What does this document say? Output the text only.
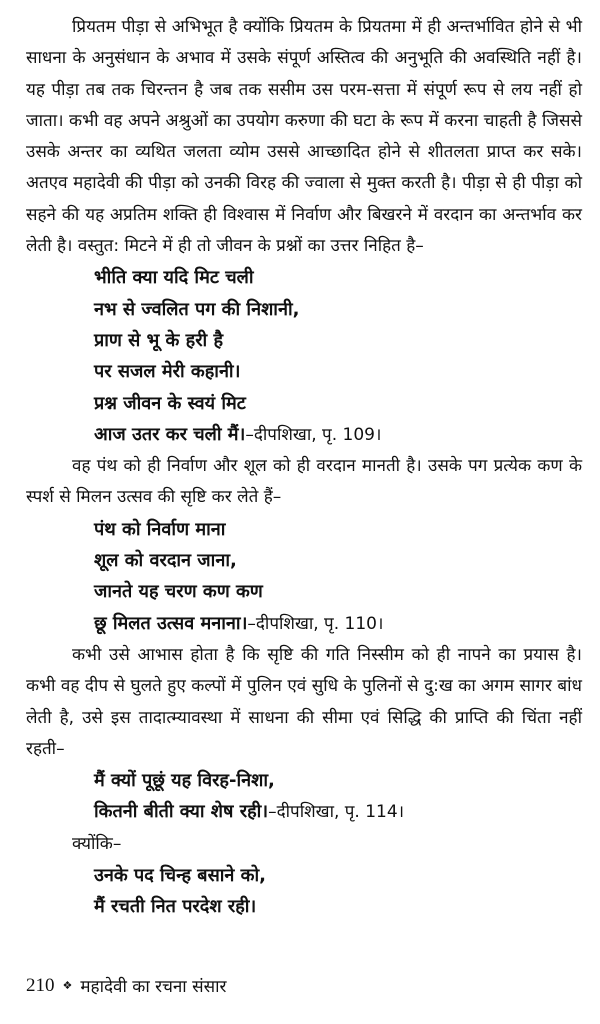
प्रियतम पीड़ा से अभिभूत है क्योंकि प्रियतम के प्रियतमा में ही अन्तर्भावित होने से भी साधना के अनुसंधान के अभाव में उसके संपूर्ण अस्तित्व की अनुभूति की अवस्थिति नहीं है। यह पीड़ा तब तक चिरन्तन है जब तक ससीम उस परम-सत्ता में संपूर्ण रूप से लय नहीं हो जाता। कभी वह अपने अश्रुओं का उपयोग करुणा की घटा के रूप में करना चाहती है जिससे उसके अन्तर का व्यथित जलता व्योम उससे आच्छादित होने से शीतलता प्राप्त कर सके। अतएव महादेवी की पीड़ा को उनकी विरह की ज्वाला से मुक्त करती है। पीड़ा से ही पीड़ा को सहने की यह अप्रतिम शक्ति ही विश्वास में निर्वाण और बिखरने में वरदान का अन्तर्भाव कर लेती है। वस्तुत: मिटने में ही तो जीवन के प्रश्नों का उत्तर निहित है–

भीति क्या यदि मिट चली
नभ से ज्वलित पग की निशानी,
प्राण से भू के हरी है
पर सजल मेरी कहानी।
प्रश्न जीवन के स्वयं मिट
आज उतर कर चली मैं।–दीपशिखा, पृ. 109।

वह पंथ को ही निर्वाण और शूल को ही वरदान मानती है। उसके पग प्रत्येक कण के स्पर्श से मिलन उत्सव की सृष्टि कर लेते हैं–

पंथ को निर्वाण माना
शूल को वरदान जाना,
जानते यह चरण कण कण
छू मिलत उत्सव मनाना।–दीपशिखा, पृ. 110।

कभी उसे आभास होता है कि सृष्टि की गति निस्सीम को ही नापने का प्रयास है। कभी वह दीप से घुलते हुए कल्पों में पुलिन एवं सुधि के पुलिनों से दु:ख का अगम सागर बांध लेती है, उसे इस तादात्म्यावस्था में साधना की सीमा एवं सिद्धि की प्राप्ति की चिंता नहीं रहती–

मैं क्यों पूछूं यह विरह-निशा,
कितनी बीती क्या शेष रही।–दीपशिखा, पृ. 114।

क्योंकि–

उनके पद चिन्ह बसाने को,
मैं रचती नित परदेश रही।
210 ❖ महादेवी का रचना संसार
